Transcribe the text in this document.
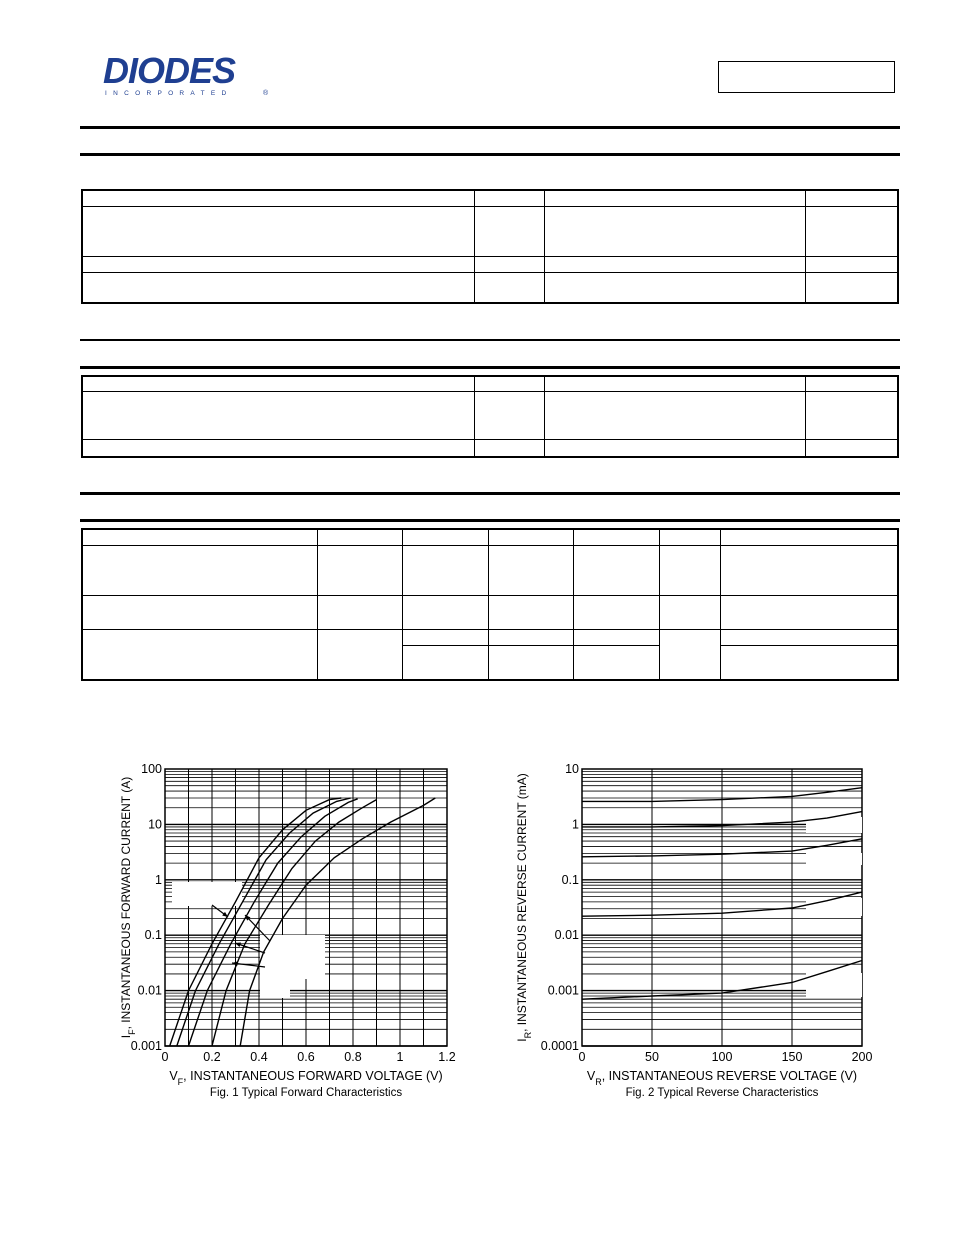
DIODES
INCORPORATED	®

0	0.2 0.4 0.6 0.8	1	1.2
0.001
0.01
0.1
1
10
100
$V_F$, INSTANTANEOUS FORWARD VOLTAGE (V)
$I_F$, INSTANTANEOUS FORWARD CURRENT (A)
Fig. 1 Typical Forward Characteristics
0	50	100	150	200
0.0001
0.001
0.01
0.1
1
10
$V_R$, INSTANTANEOUS REVERSE VOLTAGE (V)
$I_R$, INSTANTANEOUS REVERSE CURRENT (mA)
Fig. 2 Typical Reverse Characteristics
